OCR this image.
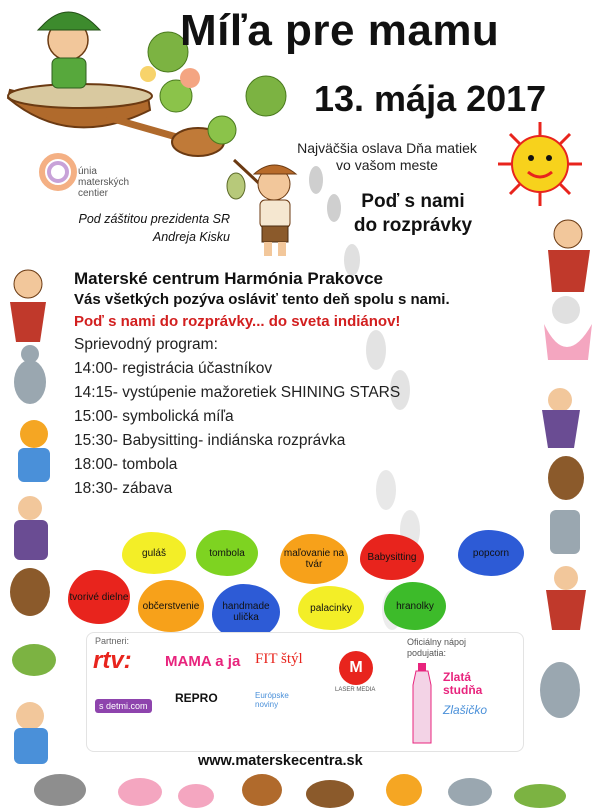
únia
materských
centier
Míľa pre mamu
13. mája 2017
Najväčšia oslava Dňa matiek
vo vašom meste
Poď s nami
do rozprávky
Pod záštitou prezidenta SR
Andreja Kisku
Materské centrum Harmónia Prakovce
Vás všetkých pozýva osláviť tento deň spolu s nami.
Poď s nami do rozprávky... do sveta indiánov!
Sprievodný program:
14:00- registrácia účastníkov
14:15- vystúpenie mažoretiek SHINING STARS
15:00- symbolická míľa
15:30- Babysitting- indiánska rozprávka
18:00- tombola
18:30- zábava
guláš	tombola	maľovanie na tvár
Babysitting	popcorn
tvorivé dielne
občerstvenie	handmade ulička
palacinky	hranolky
Partneri:
rtv: MAMA a ja FIT štýl	M
LASER MEDIA
s detmi.com
REPRO	Európske noviny
Oficiálny nápoj
podujatia:
Zlatá
studňa
Zlašičko
www.materskecentra.sk
